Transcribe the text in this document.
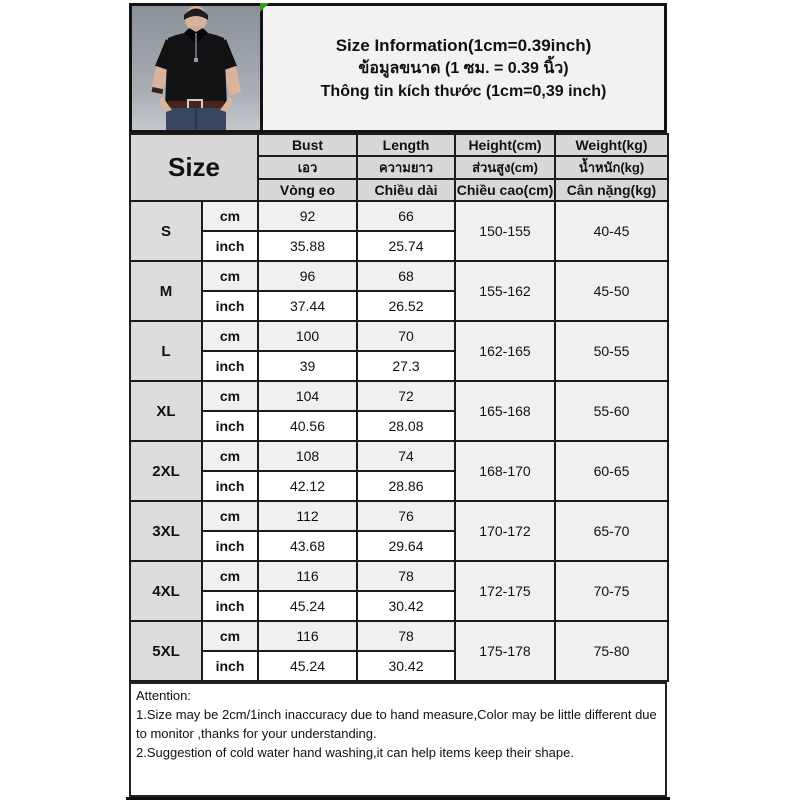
Size Information(1cm=0.39inch)
ข้อมูลขนาด (1 ซม. = 0.39 นิ้ว)
Thông tin kích thước (1cm=0,39 inch)
Size		Bust	Length	Height(cm)	Weight(kg)
		เอว	ความยาว	ส่วนสูง(cm)	น้ำหนัก(kg)
		Vòng eo	Chiều dài	Chiều cao(cm)	Cân nặng(kg)
S	cm	92	66	150-155	40-45
	inch	35.88	25.74		
M	cm	96	68	155-162	45-50
	inch	37.44	26.52		
L	cm	100	70	162-165	50-55
	inch	39	27.3		
XL	cm	104	72	165-168	55-60
	inch	40.56	28.08		
2XL	cm	108	74	168-170	60-65
	inch	42.12	28.86		
3XL	cm	112	76	170-172	65-70
	inch	43.68	29.64		
4XL	cm	116	78	172-175	70-75
	inch	45.24	30.42		
5XL	cm	116	78	175-178	75-80
	inch	45.24	30.42		
Attention:
1.Size may be 2cm/1inch inaccuracy due to hand measure,Color may be little different due to monitor ,thanks for your understanding.
2.Suggestion of cold water hand washing,it can help items keep their shape.
